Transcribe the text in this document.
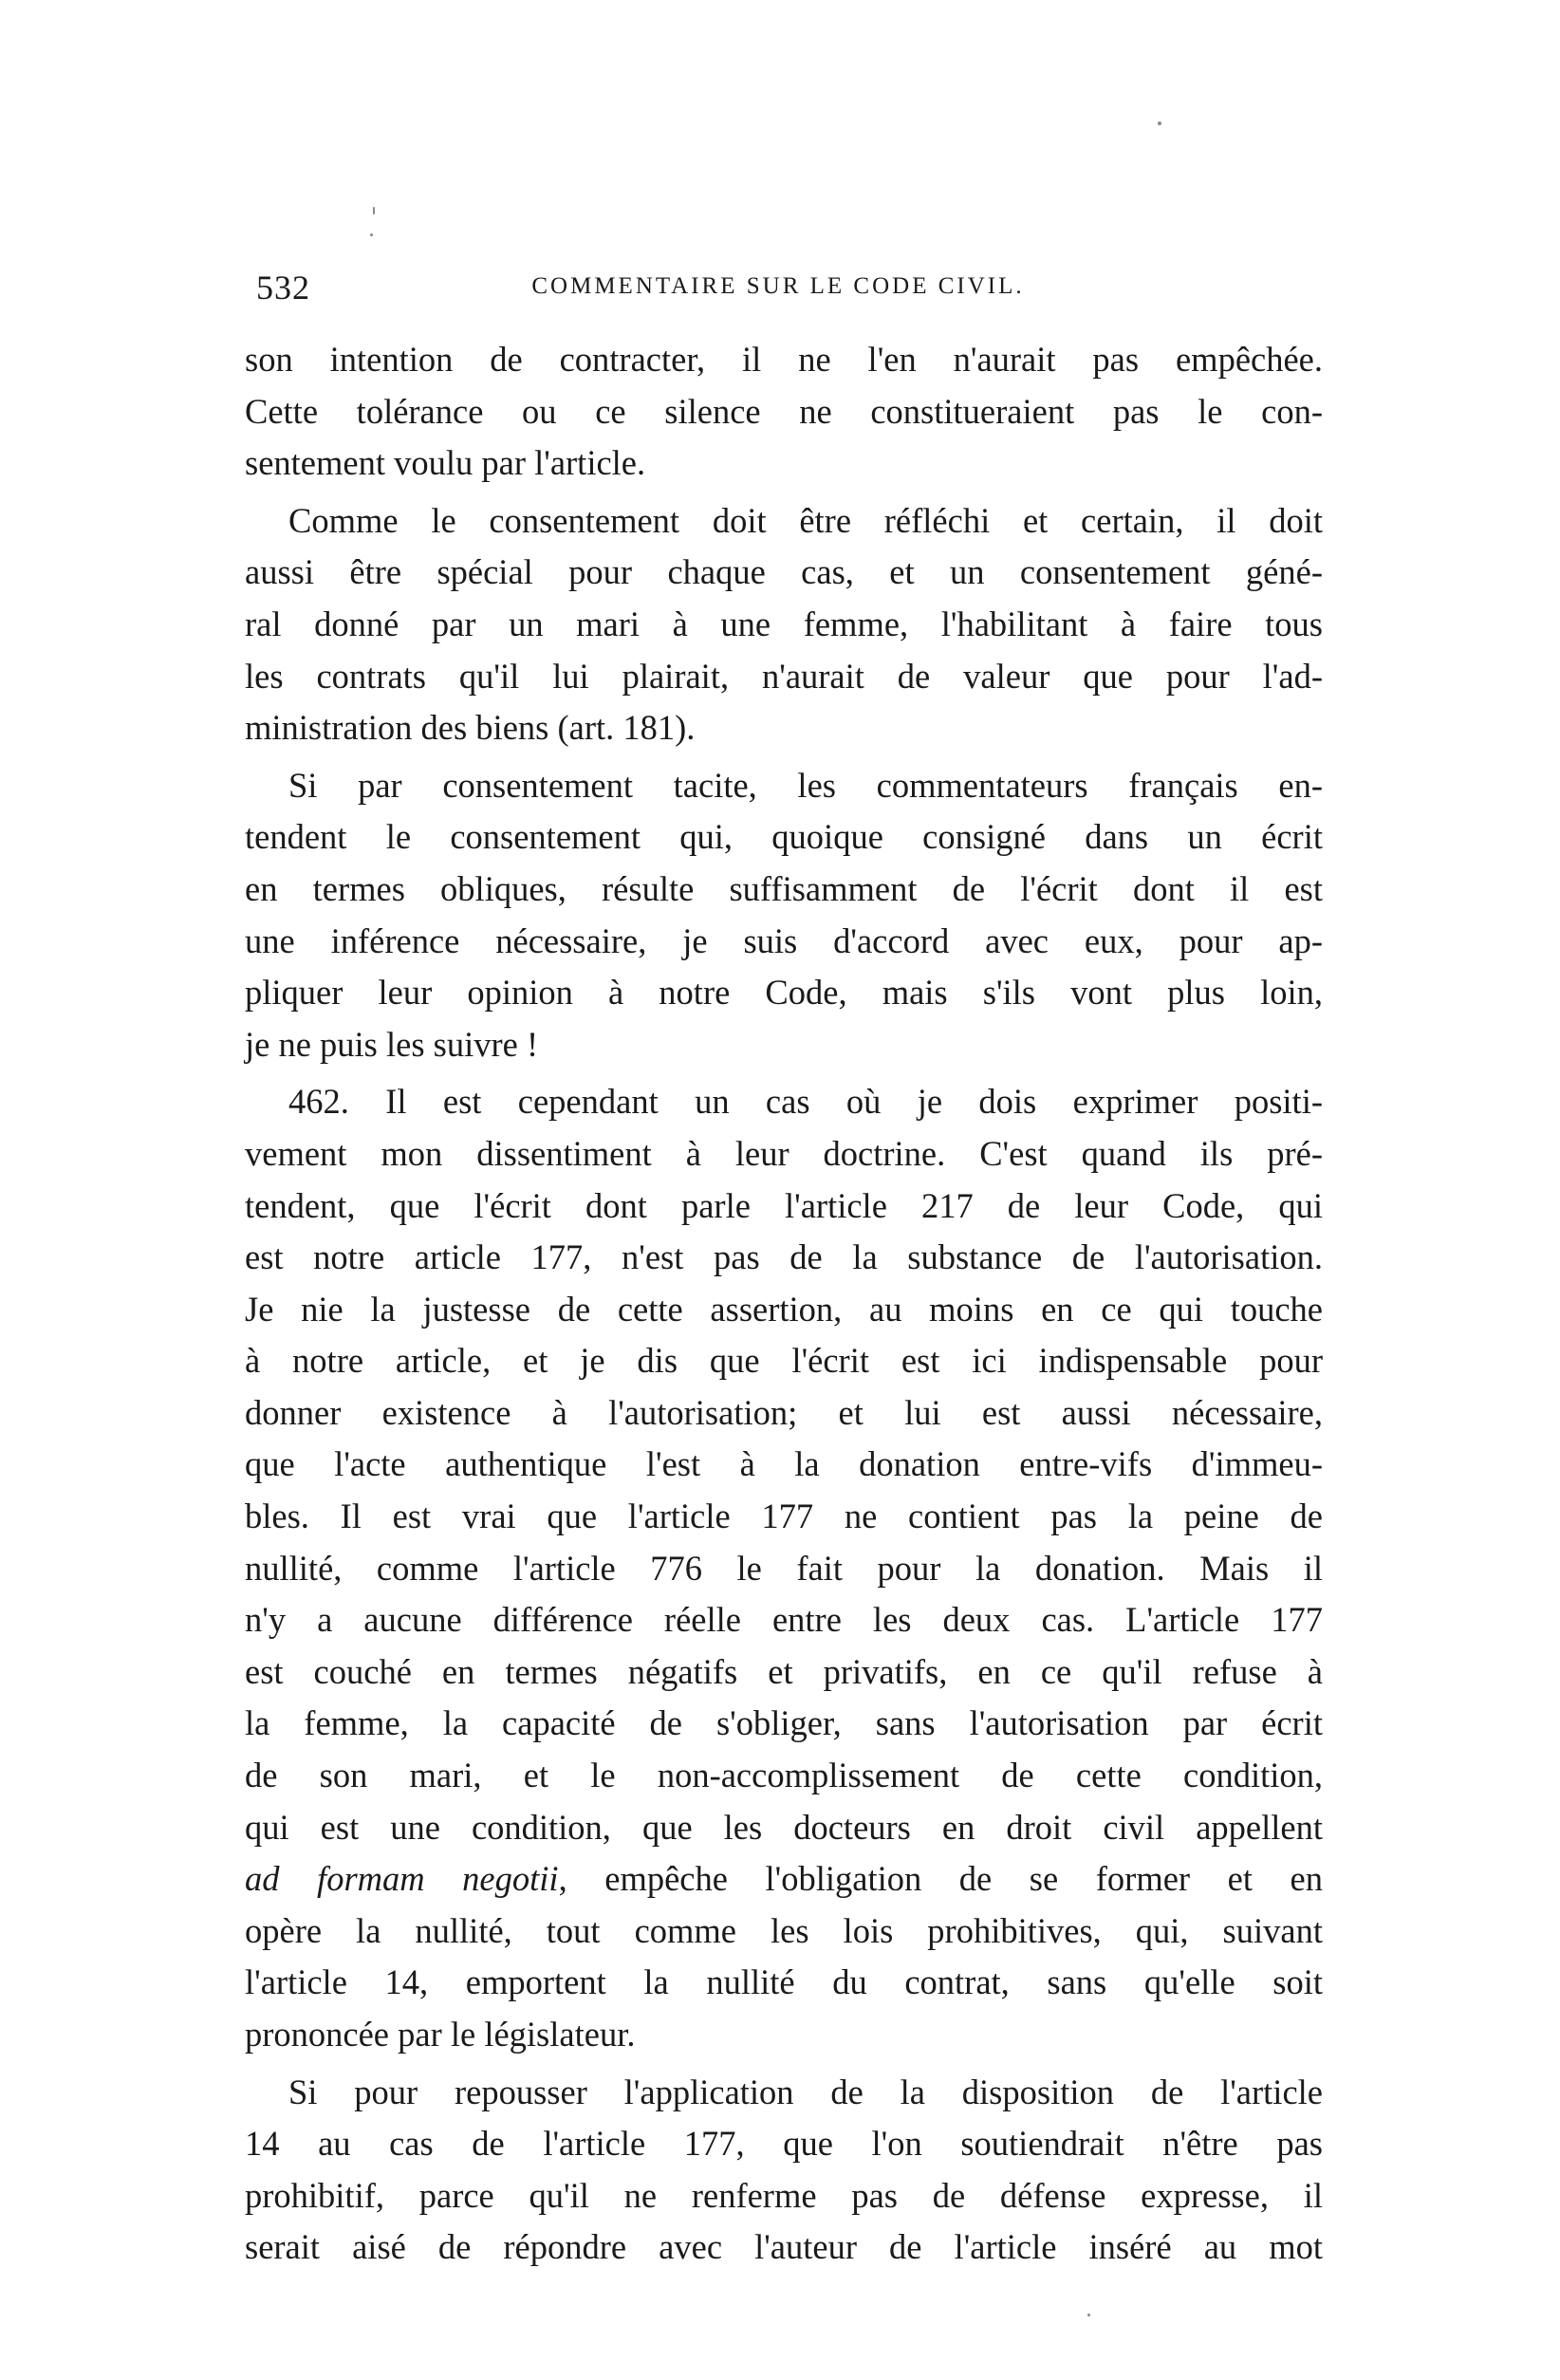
532	COMMENTAIRE SUR LE CODE CIVIL.
son intention de contracter, il ne l'en n'aurait pas empêchée.
Cette tolérance ou ce silence ne constitueraient pas le con-
sentement voulu par l'article.
Comme le consentement doit être réfléchi et certain, il doit
aussi être spécial pour chaque cas, et un consentement géné-
ral donné par un mari à une femme, l'habilitant à faire tous
les contrats qu'il lui plairait, n'aurait de valeur que pour l'ad-
ministration des biens (art. 181).
Si par consentement tacite, les commentateurs français en-
tendent le consentement qui, quoique consigné dans un écrit
en termes obliques, résulte suffisamment de l'écrit dont il est
une inférence nécessaire, je suis d'accord avec eux, pour ap-
pliquer leur opinion à notre Code, mais s'ils vont plus loin,
je ne puis les suivre !
462. Il est cependant un cas où je dois exprimer positi-
vement mon dissentiment à leur doctrine. C'est quand ils pré-
tendent, que l'écrit dont parle l'article 217 de leur Code, qui
est notre article 177, n'est pas de la substance de l'autorisation.
Je nie la justesse de cette assertion, au moins en ce qui touche
à notre article, et je dis que l'écrit est ici indispensable pour
donner existence à l'autorisation; et lui est aussi nécessaire,
que l'acte authentique l'est à la donation entre-vifs d'immeu-
bles. Il est vrai que l'article 177 ne contient pas la peine de
nullité, comme l'article 776 le fait pour la donation. Mais il
n'y a aucune différence réelle entre les deux cas. L'article 177
est couché en termes négatifs et privatifs, en ce qu'il refuse à
la femme, la capacité de s'obliger, sans l'autorisation par écrit
de son mari, et le non-accomplissement de cette condition,
qui est une condition, que les docteurs en droit civil appellent
ad formam negotii, empêche l'obligation de se former et en
opère la nullité, tout comme les lois prohibitives, qui, suivant
l'article 14, emportent la nullité du contrat, sans qu'elle soit
prononcée par le législateur.
Si pour repousser l'application de la disposition de l'article
14 au cas de l'article 177, que l'on soutiendrait n'être pas
prohibitif, parce qu'il ne renferme pas de défense expresse, il
serait aisé de répondre avec l'auteur de l'article inséré au mot
